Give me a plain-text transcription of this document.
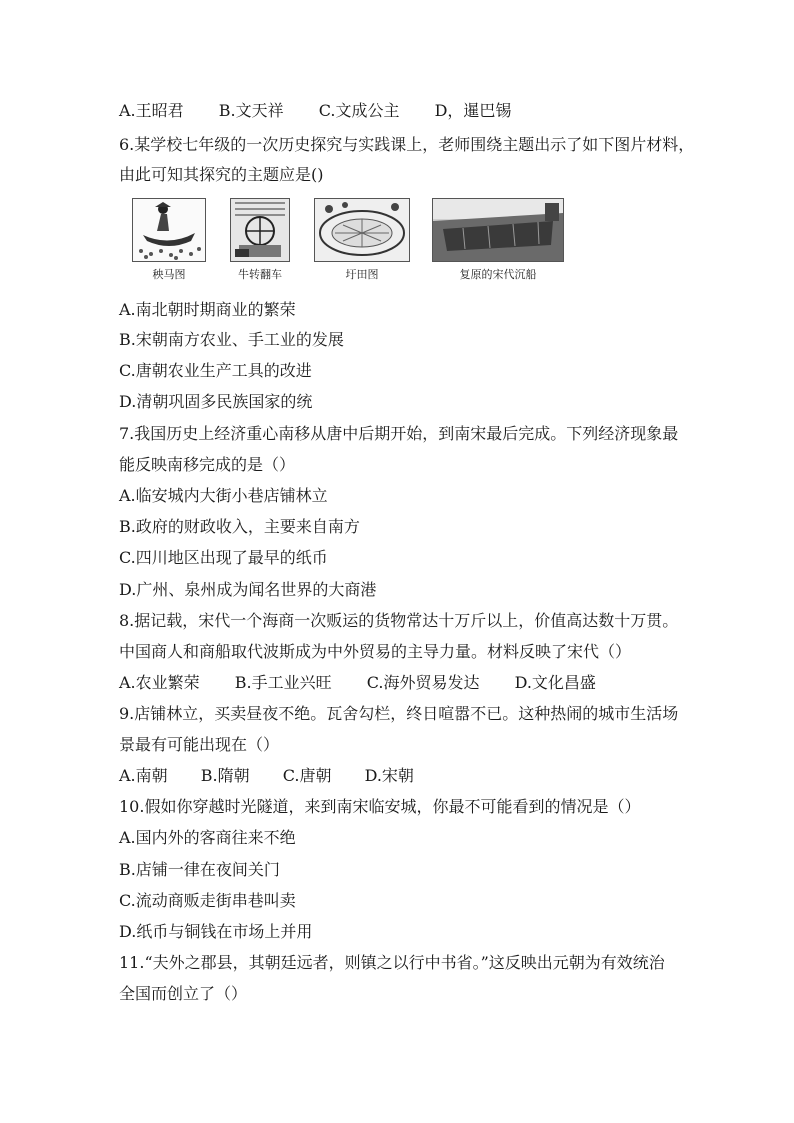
A.王昭君 B.文天祥 C.文成公主 D，暹巴锡
6.某学校七年级的一次历史探究与实践课上，老师围绕主题出示了如下图片材料，
由此可知其探究的主题应是()
秧马图	牛转翻车	圩田图	复原的宋代沉船
A.南北朝时期商业的繁荣
B.宋朝南方农业、手工业的发展
C.唐朝农业生产工具的改进
D.清朝巩固多民族国家的统
7.我国历史上经济重心南移从唐中后期开始，到南宋最后完成。下列经济现象最
能反映南移完成的是（）
A.临安城内大街小巷店铺林立
B.政府的财政收入，主要来自南方
C.四川地区出现了最早的纸币
D.广州、泉州成为闻名世界的大商港
8.据记载，宋代一个海商一次贩运的货物常达十万斤以上，价值高达数十万贯。
中国商人和商船取代波斯成为中外贸易的主导力量。材料反映了宋代（）
A.农业繁荣 B.手工业兴旺 C.海外贸易发达 D.文化昌盛
9.店铺林立，买卖昼夜不绝。瓦舍勾栏，终日喧嚣不已。这种热闹的城市生活场
景最有可能出现在（）
A.南朝 B.隋朝 C.唐朝 D.宋朝
10.假如你穿越时光隧道，来到南宋临安城，你最不可能看到的情况是（）
A.国内外的客商往来不绝
B.店铺一律在夜间关门
C.流动商贩走街串巷叫卖
D.纸币与铜钱在市场上并用
11.“夫外之郡县，其朝廷远者，则镇之以行中书省。”这反映出元朝为有效统治
全国而创立了（）
